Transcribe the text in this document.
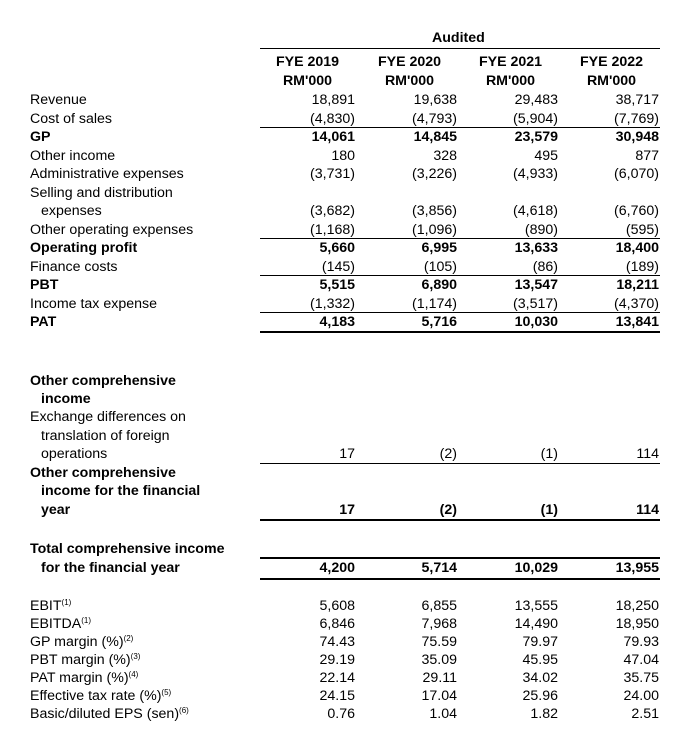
Audited
FYE 2019	FYE 2020	FYE 2021	FYE 2022
RM'000	RM'000	RM'000	RM'000
Revenue	18,891	19,638	29,483	38,717
Cost of sales	(4,830)	(4,793)	(5,904)	(7,769)
GP	14,061	14,845	23,579	30,948
Other income	180	328	495	877
Administrative expenses	(3,731)	(3,226)	(4,933)	(6,070)
Selling and distribution
expenses	(3,682)	(3,856)	(4,618)	(6,760)
Other operating expenses	(1,168)	(1,096)	(890)	(595)
Operating profit	5,660	6,995	13,633	18,400
Finance costs	(145)	(105)	(86)	(189)
PBT	5,515	6,890	13,547	18,211
Income tax expense	(1,332)	(1,174)	(3,517)	(4,370)
PAT	4,183	5,716	10,030	13,841
Other comprehensive
income
Exchange differences on
translation of foreign
operations	17	(2)	(1)	114
Other comprehensive
income for the financial
year	17	(2)	(1)	114
Total comprehensive income
for the financial year	4,200	5,714	10,029	13,955
EBIT$^{(1)}$	5,608	6,855	13,555	18,250
EBITDA$^{(1)}$	6,846	7,968	14,490	18,950
GP margin (%)$^{(2)}$	74.43	75.59	79.97	79.93
PBT margin (%)$^{(3)}$	29.19	35.09	45.95	47.04
PAT margin (%)$^{(4)}$	22.14	29.11	34.02	35.75
Effective tax rate (%)$^{(5)}$	24.15	17.04	25.96	24.00
Basic/diluted EPS (sen)$^{(6)}$	0.76	1.04	1.82	2.51
